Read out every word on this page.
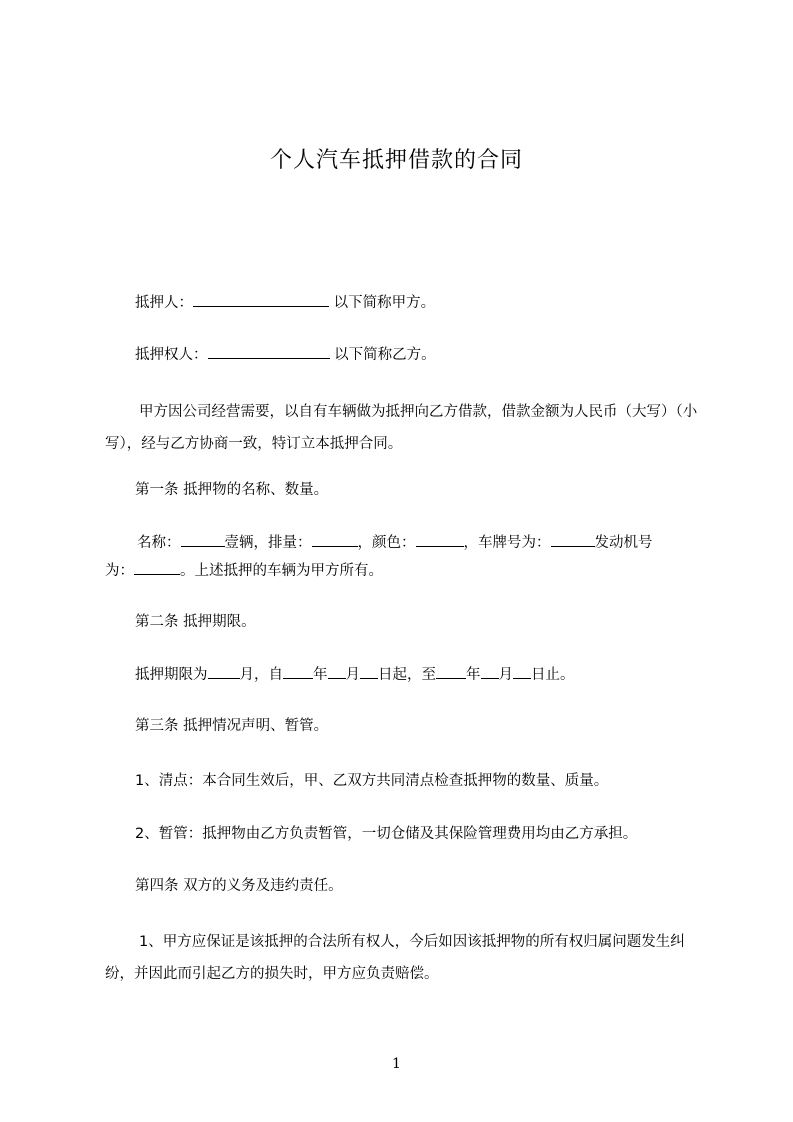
个人汽车抵押借款的合同
抵押人：	以下简称甲方。
抵押权人：	以下简称乙方。
甲方因公司经营需要，以自有车辆做为抵押向乙方借款，借款金额为人民币（大写）（小写），经与乙方协商一致，特订立本抵押合同。
第一条 抵押物的名称、数量。
名称：	壹辆，排量：	，颜色：	，车牌号为：	发动机号
为：	。上述抵押的车辆为甲方所有。
第二条 抵押期限。
抵押期限为 月，自 年 月 日起，至 年 月 日止。
第三条 抵押情况声明、暂管。
1、清点：本合同生效后，甲、乙双方共同清点检查抵押物的数量、质量。
2、暂管：抵押物由乙方负责暂管，一切仓储及其保险管理费用均由乙方承担。
第四条 双方的义务及违约责任。
1、甲方应保证是该抵押的合法所有权人，今后如因该抵押物的所有权归属问题发生纠纷，并因此而引起乙方的损失时，甲方应负责赔偿。
1
